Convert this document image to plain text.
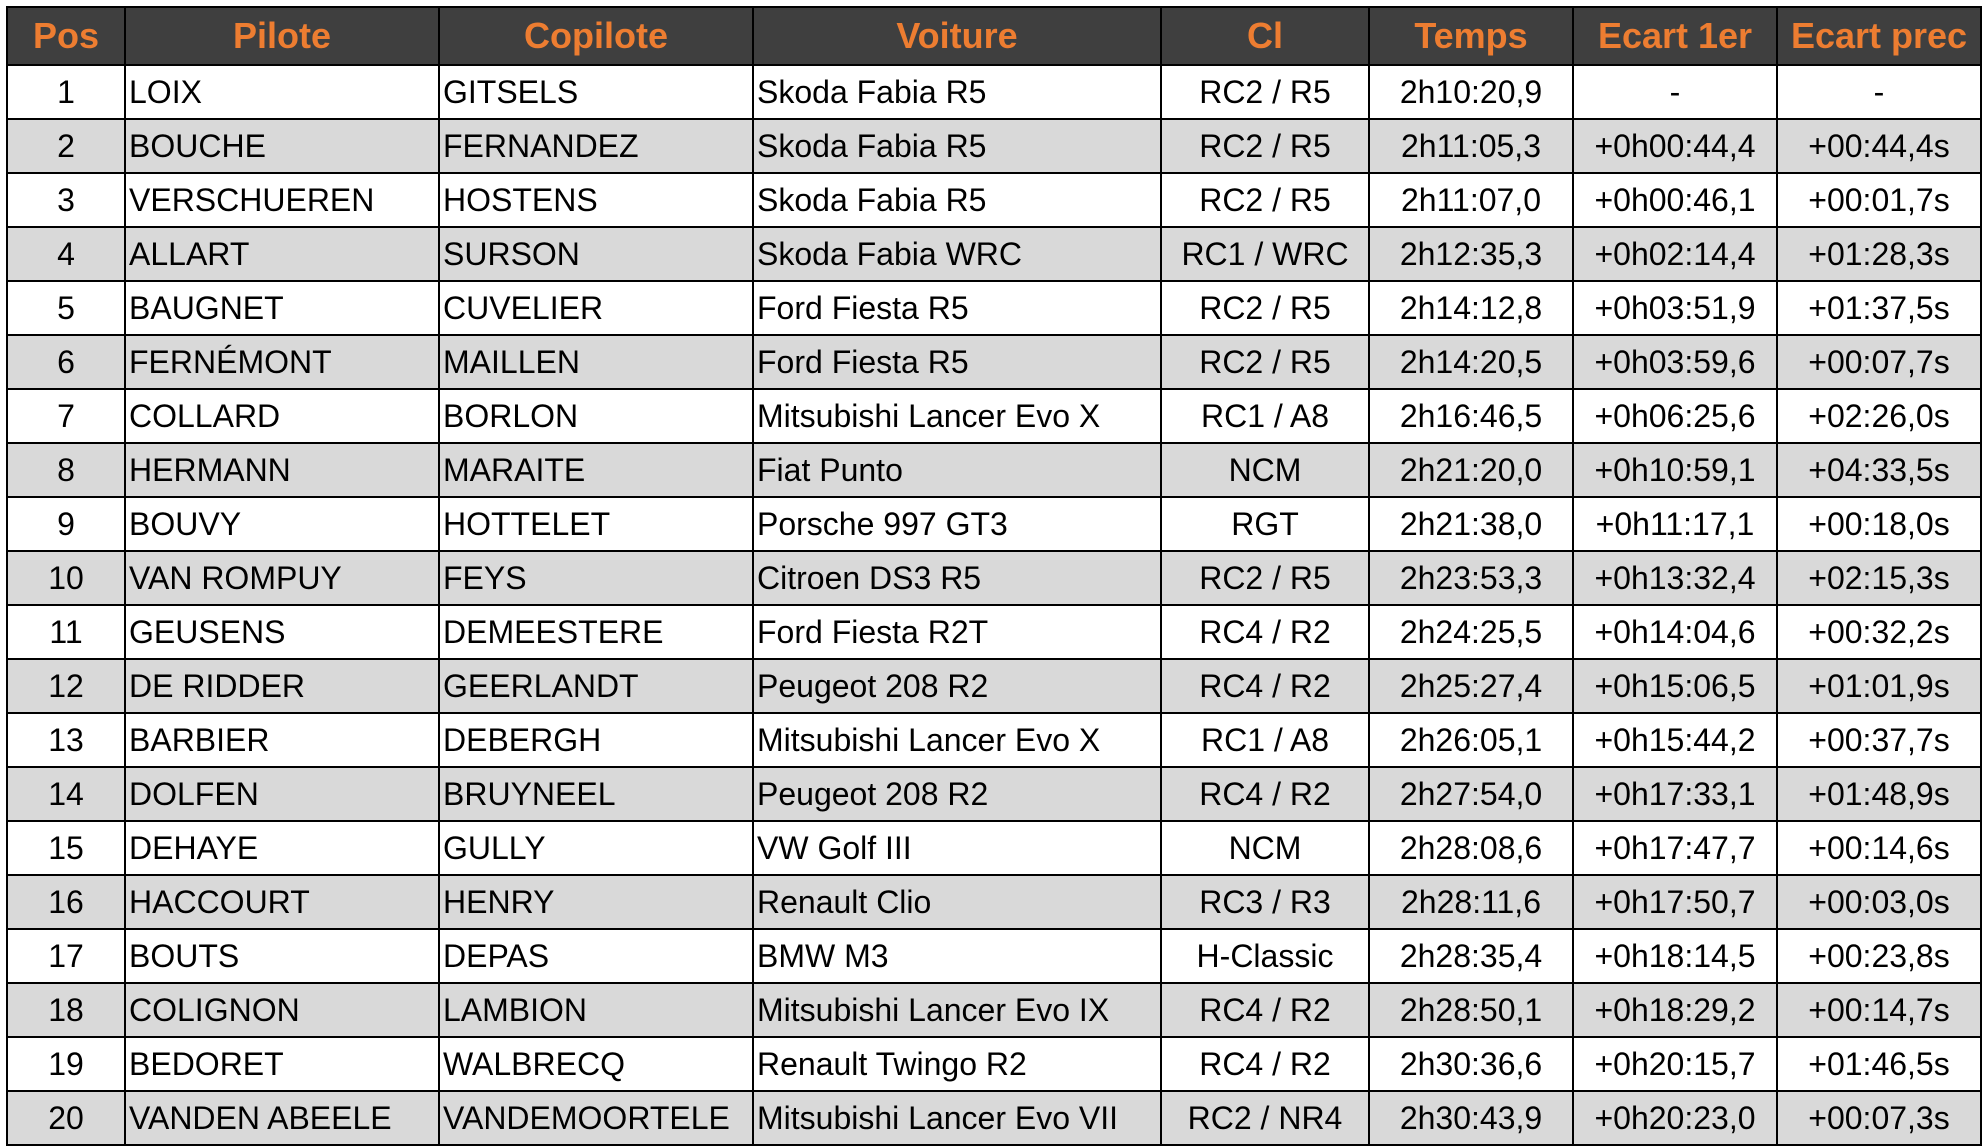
Pos	Pilote	Copilote	Voiture	Cl	Temps	Ecart 1er	Ecart prec
1	LOIX	GITSELS	Skoda Fabia R5	RC2 / R5	2h10:20,9	-	-
2	BOUCHE	FERNANDEZ	Skoda Fabia R5	RC2 / R5	2h11:05,3	+0h00:44,4	+00:44,4s
3	VERSCHUEREN	HOSTENS	Skoda Fabia R5	RC2 / R5	2h11:07,0	+0h00:46,1	+00:01,7s
4	ALLART	SURSON	Skoda Fabia WRC	RC1 / WRC	2h12:35,3	+0h02:14,4	+01:28,3s
5	BAUGNET	CUVELIER	Ford Fiesta R5	RC2 / R5	2h14:12,8	+0h03:51,9	+01:37,5s
6	FERNÉMONT	MAILLEN	Ford Fiesta R5	RC2 / R5	2h14:20,5	+0h03:59,6	+00:07,7s
7	COLLARD	BORLON	Mitsubishi Lancer Evo X	RC1 / A8	2h16:46,5	+0h06:25,6	+02:26,0s
8	HERMANN	MARAITE	Fiat Punto	NCM	2h21:20,0	+0h10:59,1	+04:33,5s
9	BOUVY	HOTTELET	Porsche 997 GT3	RGT	2h21:38,0	+0h11:17,1	+00:18,0s
10	VAN ROMPUY	FEYS	Citroen DS3 R5	RC2 / R5	2h23:53,3	+0h13:32,4	+02:15,3s
11	GEUSENS	DEMEESTERE	Ford Fiesta R2T	RC4 / R2	2h24:25,5	+0h14:04,6	+00:32,2s
12	DE RIDDER	GEERLANDT	Peugeot 208 R2	RC4 / R2	2h25:27,4	+0h15:06,5	+01:01,9s
13	BARBIER	DEBERGH	Mitsubishi Lancer Evo X	RC1 / A8	2h26:05,1	+0h15:44,2	+00:37,7s
14	DOLFEN	BRUYNEEL	Peugeot 208 R2	RC4 / R2	2h27:54,0	+0h17:33,1	+01:48,9s
15	DEHAYE	GULLY	VW Golf III	NCM	2h28:08,6	+0h17:47,7	+00:14,6s
16	HACCOURT	HENRY	Renault Clio	RC3 / R3	2h28:11,6	+0h17:50,7	+00:03,0s
17	BOUTS	DEPAS	BMW M3	H-Classic	2h28:35,4	+0h18:14,5	+00:23,8s
18	COLIGNON	LAMBION	Mitsubishi Lancer Evo IX	RC4 / R2	2h28:50,1	+0h18:29,2	+00:14,7s
19	BEDORET	WALBRECQ	Renault Twingo R2	RC4 / R2	2h30:36,6	+0h20:15,7	+01:46,5s
20	VANDEN ABEELE	VANDEMOORTELE	Mitsubishi Lancer Evo VII	RC2 / NR4	2h30:43,9	+0h20:23,0	+00:07,3s
